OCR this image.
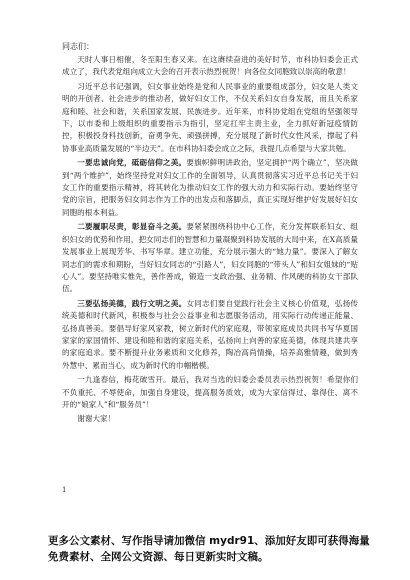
同志们：

天时人事日相催，冬至阳生春又来。在这赓续奋进的美好时节，市科协妇委会正式成立了，我代表党组向成立大会的召开表示热烈祝贺！向各位女同胞致以崇高的敬意！

习近平总书记强调，妇女事业始终是党和人民事业的重要组成部分，妇女是人类文明的开创者、社会进步的推动者，做好妇女工作，不仅关系妇女自身发展，而且关系家庭和睦、社会和谐，关系国家发展、民族进步。近年来，市科协党组在党组的坚强领导下，以市委和上级组织的重要指示为指引，坚定扛牢主责主业，全力抓好新冠疫情防控，积极投身科技创新，奋勇争先、顽强拼搏，充分展现了新时代女性风采，撑起了科协事业高质量发展的“半边天”。在市科协妇委会成立之际，我提几点希望与大家共勉。

一要忠诚向党，砥砺信仰之美。要旗帜鲜明讲政治，坚定拥护“两个确立”，坚决做到“两个维护”，始终坚持党对妇女工作的全面领导，认真贯彻落实习近平总书记关于妇女工作的重要指示精神，将其转化为推动妇女工作的强大动力和实际行动。要始终坚守党的宗旨，把服务妇女同志作为工作的出发点和落脚点，真正实现好维护好发展好妇女同胞的根本利益。

二要履职尽责，彰显奋斗之美。要紧紧围绕科协中心工作，充分发挥联系妇女、组织妇女的优势和作用，把女同志们的智慧和力量凝聚到科协发展的大局中来，在X高质量发展事业上展现芳华、书写华章。建立功能，充分展示强大的“她力量”。要深入了解女同志们的需求和期盼，当好妇女同志的“引路人”，妇女同胞的“带头人”和妇女姐妹的“贴心人”。要坚持唯实惟先，善作善成，锻造一支政治强、业务精、作风硬的科协女干部队伍。

三要弘扬美德，践行文明之美。女同志们要自觉践行社会主义核心价值观，弘扬传统美德和时代新风，积极参与社会公益事业和志愿服务活动，用实际行动传递正能量、弘扬真善美。要倡导好家风家教，树立新时代的家庭观，带领家庭成员共同书写华夏国家家的家国情怀、建设和睦和谐的家庭关系，弘扬向上向善的家庭美德，体现共建共享的家庭追求。要不断提升业务素质和文化修养，陶冶高尚情操，培养高雅情趣，做到秀外慧中、累而当心，成为新时代的巾帼楷模。

一九逢春信，梅花破雪开。最后，我对当选的妇委会委员表示热烈祝贺！希望你们不负重托、不辱使命，加强自身建设，提高服务质效，成为大家信得过、靠得住、离不开的“娘家人”和“服务员”！

谢谢大家！

1
更多公文素材、写作指导请加微信 mydr91、添加好友即可获得海量免费素材、全网公文资源、每日更新实时文稿。
